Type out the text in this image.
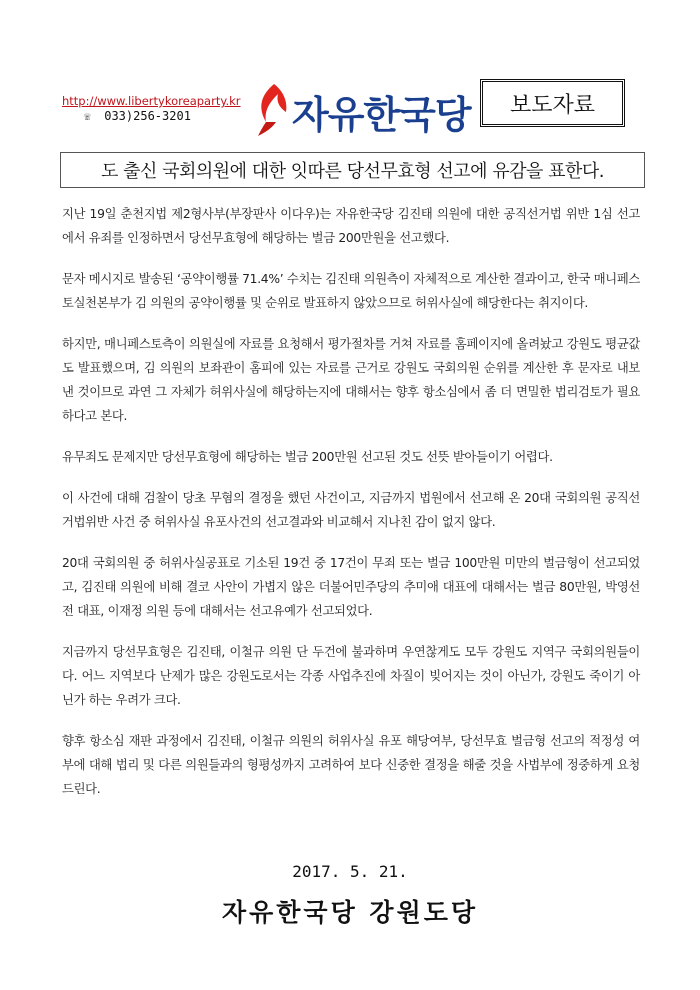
http://www.libertykoreaparty.kr
☏ 033)256-3201	자유한국당	보도자료
도 출신 국회의원에 대한 잇따른 당선무효형 선고에 유감을 표한다.

지난 19일 춘천지법 제2형사부(부장판사 이다우)는 자유한국당 김진태 의원에 대한 공직선거법 위반 1심 선고에서 유죄를 인정하면서 당선무효형에 해당하는 벌금 200만원을 선고했다.

문자 메시지로 발송된 ‘공약이행률 71.4%’ 수치는 김진태 의원측이 자체적으로 계산한 결과이고, 한국 매니페스토실천본부가 김 의원의 공약이행률 및 순위로 발표하지 않았으므로 허위사실에 해당한다는 취지이다.

하지만, 매니페스토측이 의원실에 자료를 요청해서 평가절차를 거쳐 자료를 홈페이지에 올려놨고 강원도 평균값도 발표했으며, 김 의원의 보좌관이 홈피에 있는 자료를 근거로 강원도 국회의원 순위를 계산한 후 문자로 내보낸 것이므로 과연 그 자체가 허위사실에 해당하는지에 대해서는 향후 항소심에서 좀 더 면밀한 법리검토가 필요하다고 본다.

유무죄도 문제지만 당선무효형에 해당하는 벌금 200만원 선고된 것도 선뜻 받아들이기 어렵다.

이 사건에 대해 검찰이 당초 무혐의 결정을 했던 사건이고, 지금까지 법원에서 선고해 온 20대 국회의원 공직선거법위반 사건 중 허위사실 유포사건의 선고결과와 비교해서 지나친 감이 없지 않다.

20대 국회의원 중 허위사실공표로 기소된 19건 중 17건이 무죄 또는 벌금 100만원 미만의 벌금형이 선고되었고, 김진태 의원에 비해 결코 사안이 가볍지 않은 더불어민주당의 추미애 대표에 대해서는 벌금 80만원, 박영선 전 대표, 이재정 의원 등에 대해서는 선고유예가 선고되었다.

지금까지 당선무효형은 김진태, 이철규 의원 단 두건에 불과하며 우연찮게도 모두 강원도 지역구 국회의원들이다. 어느 지역보다 난제가 많은 강원도로서는 각종 사업추진에 차질이 빚어지는 것이 아닌가, 강원도 죽이기 아닌가 하는 우려가 크다.

향후 항소심 재판 과정에서 김진태, 이철규 의원의 허위사실 유포 해당여부, 당선무효 벌금형 선고의 적정성 여부에 대해 법리 및 다른 의원들과의 형평성까지 고려하여 보다 신중한 결정을 해줄 것을 사법부에 정중하게 요청 드린다.

2017. 5. 21.
자유한국당 강원도당
